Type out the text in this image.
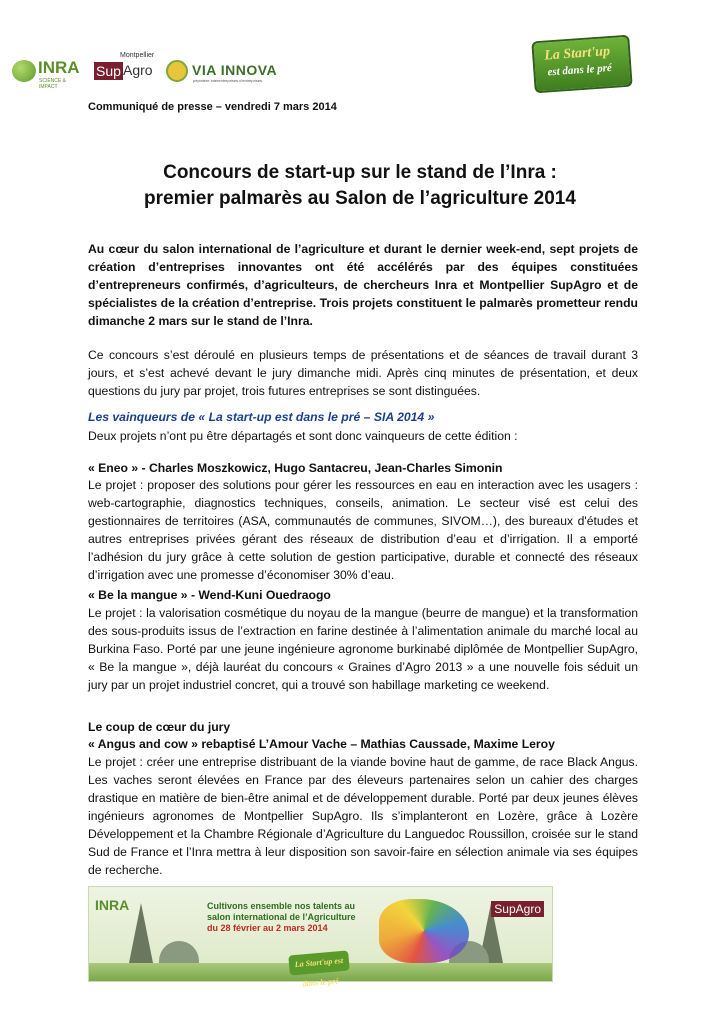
INRA
SCIENCE & IMPACT
Montpellier
Sup Agro	VIA INNOVA
pépinière interentreprises d'entreprises
La Start'up
est dans le pré
Communiqué de presse – vendredi 7 mars 2014
Concours de start-up sur le stand de l’Inra :
premier palmarès au Salon de l’agriculture 2014

Au cœur du salon international de l’agriculture et durant le dernier week-end, sept projets de création d’entreprises innovantes ont été accélérés par des équipes constituées d’entrepreneurs confirmés, d’agriculteurs, de chercheurs Inra et Montpellier SupAgro et de spécialistes de la création d’entreprise. Trois projets constituent le palmarès prometteur rendu dimanche 2 mars sur le stand de l’Inra.

Ce concours s’est déroulé en plusieurs temps de présentations et de séances de travail durant 3 jours, et s’est achevé devant le jury dimanche midi. Après cinq minutes de présentation, et deux questions du jury par projet, trois futures entreprises se sont distinguées.

Les vainqueurs de « La start-up est dans le pré – SIA 2014 »
Deux projets n’ont pu être départagés et sont donc vainqueurs de cette édition :
« Eneo » - Charles Moszkowicz, Hugo Santacreu, Jean-Charles Simonin

Le projet : proposer des solutions pour gérer les ressources en eau en interaction avec les usagers : web-cartographie, diagnostics techniques, conseils, animation. Le secteur visé est celui des gestionnaires de territoires (ASA, communautés de communes, SIVOM…), des bureaux d'études et autres entreprises privées gérant des réseaux de distribution d’eau et d’irrigation. Il a emporté l’adhésion du jury grâce à cette solution de gestion participative, durable et connecté des réseaux d’irrigation avec une promesse d’économiser 30% d’eau.

« Be la mangue » - Wend-Kuni Ouedraogo

Le projet : la valorisation cosmétique du noyau de la mangue (beurre de mangue) et la transformation des sous-produits issus de l’extraction en farine destinée à l’alimentation animale du marché local au Burkina Faso. Porté par une jeune ingénieure agronome burkinabé diplômée de Montpellier SupAgro, « Be la mangue », déjà lauréat du concours « Graines d’Agro 2013 » a une nouvelle fois séduit un jury par un projet industriel concret, qui a trouvé son habillage marketing ce weekend.

Le coup de cœur du jury
« Angus and cow » rebaptisé L’Amour Vache – Mathias Caussade, Maxime Leroy

Le projet : créer une entreprise distribuant de la viande bovine haut de gamme, de race Black Angus. Les vaches seront élevées en France par des éleveurs partenaires selon un cahier des charges drastique en matière de bien-être animal et de développement durable. Porté par deux jeunes élèves ingénieurs agronomes de Montpellier SupAgro. Ils s’implanteront en Lozère, grâce à Lozère Développement et la Chambre Régionale d’Agriculture du Languedoc Roussillon, croisée sur le stand Sud de France et l’Inra mettra à leur disposition son savoir-faire en sélection animale via ses équipes de recherche.

INRA	SupAgro
Cultivons ensemble nos talents au salon international de l’Agriculture du 28 février au 2 mars 2014
La Start'up est dans le pré
